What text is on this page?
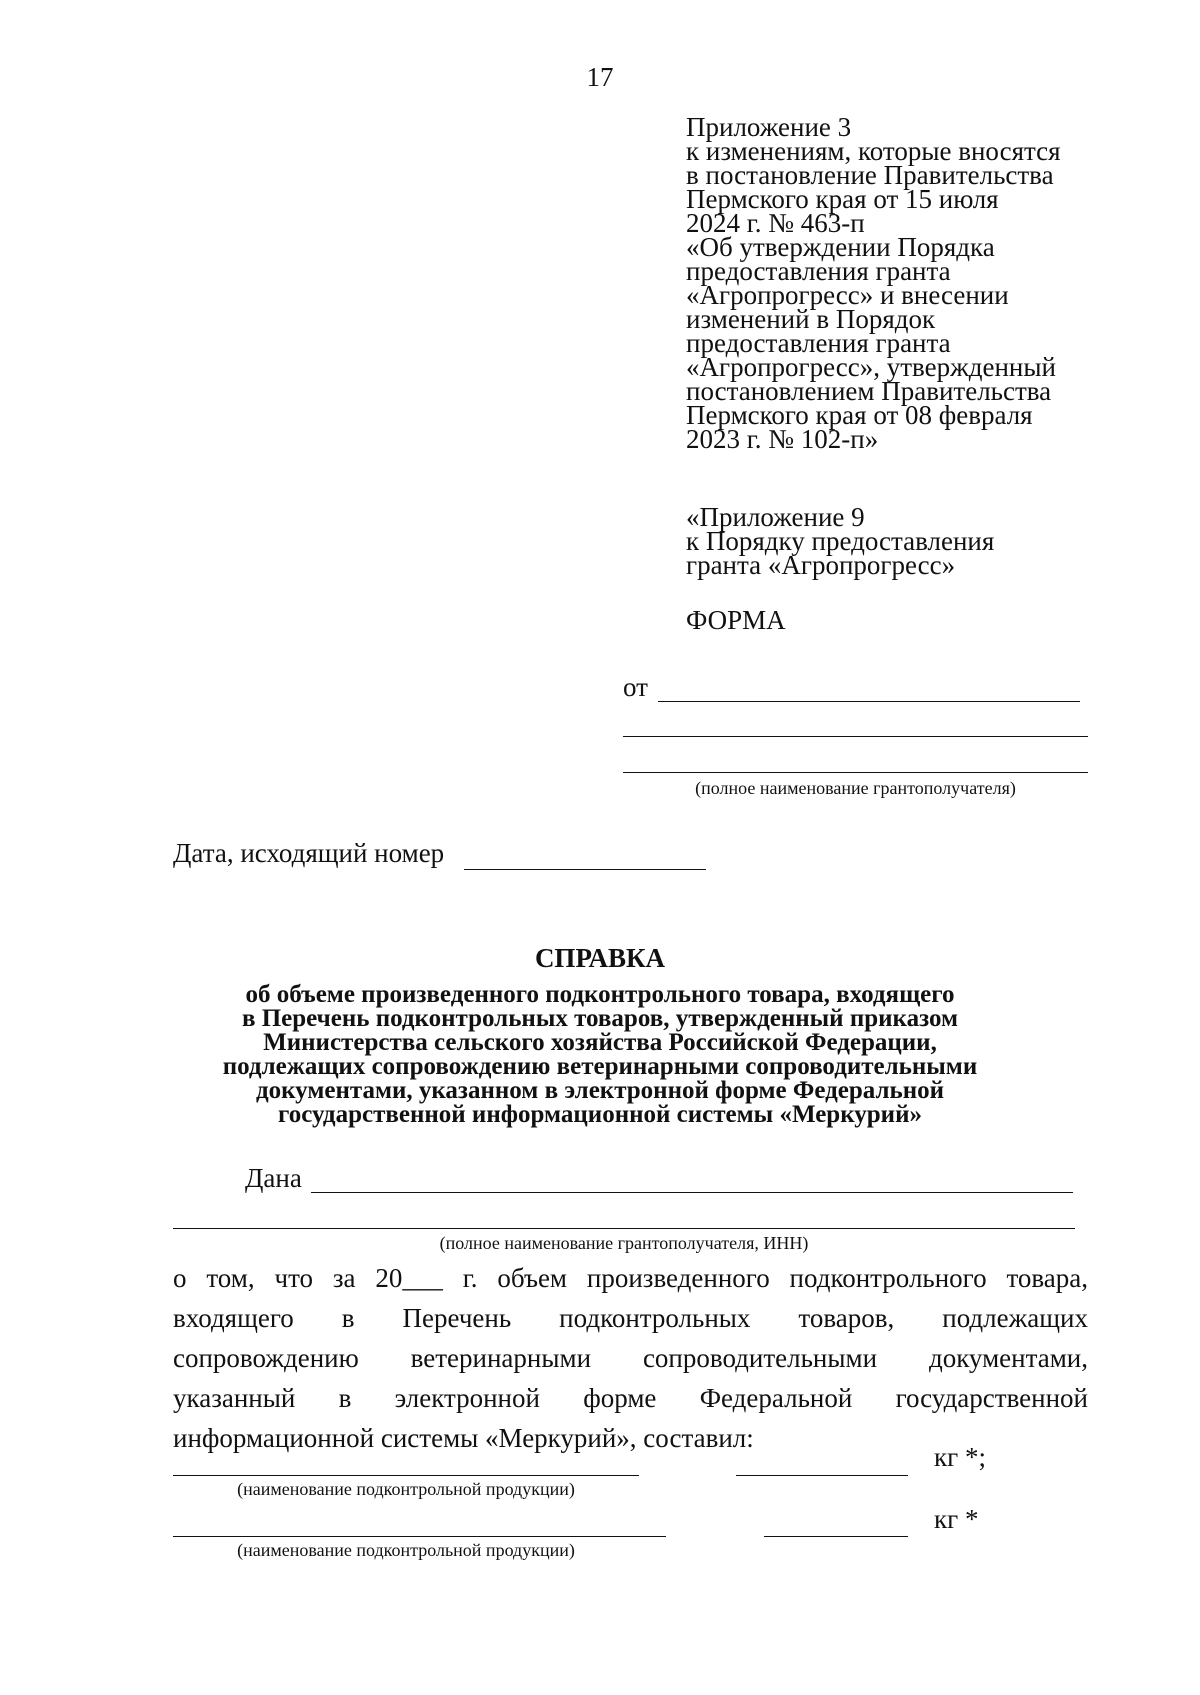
17
Приложение 3
к изменениям, которые вносятся
в постановление Правительства
Пермского края от 15 июля
2024 г. № 463-п
«Об утверждении Порядка
предоставления гранта
«Агропрогресс» и внесении
изменений в Порядок
предоставления гранта
«Агропрогресс», утвержденный
постановлением Правительства
Пермского края от 08 февраля
2023 г. № 102-п»
«Приложение 9
к Порядку предоставления
гранта «Агропрогресс»
ФОРМА
от
(полное наименование грантополучателя)
Дата, исходящий номер
СПРАВКА
об объеме произведенного подконтрольного товара, входящего
в Перечень подконтрольных товаров, утвержденный приказом
Министерства сельского хозяйства Российской Федерации,
подлежащих сопровождению ветеринарными сопроводительными
документами, указанном в электронной форме Федеральной
государственной информационной системы «Меркурий»
Дана
(полное наименование грантополучателя, ИНН)
о том, что за 20___ г. объем произведенного подконтрольного товара,
входящего в Перечень подконтрольных товаров, подлежащих
сопровождению ветеринарными сопроводительными документами,
указанный в электронной форме Федеральной государственной
информационной системы «Меркурий», составил:
кг *;
(наименование подконтрольной продукции)
кг *
(наименование подконтрольной продукции)
